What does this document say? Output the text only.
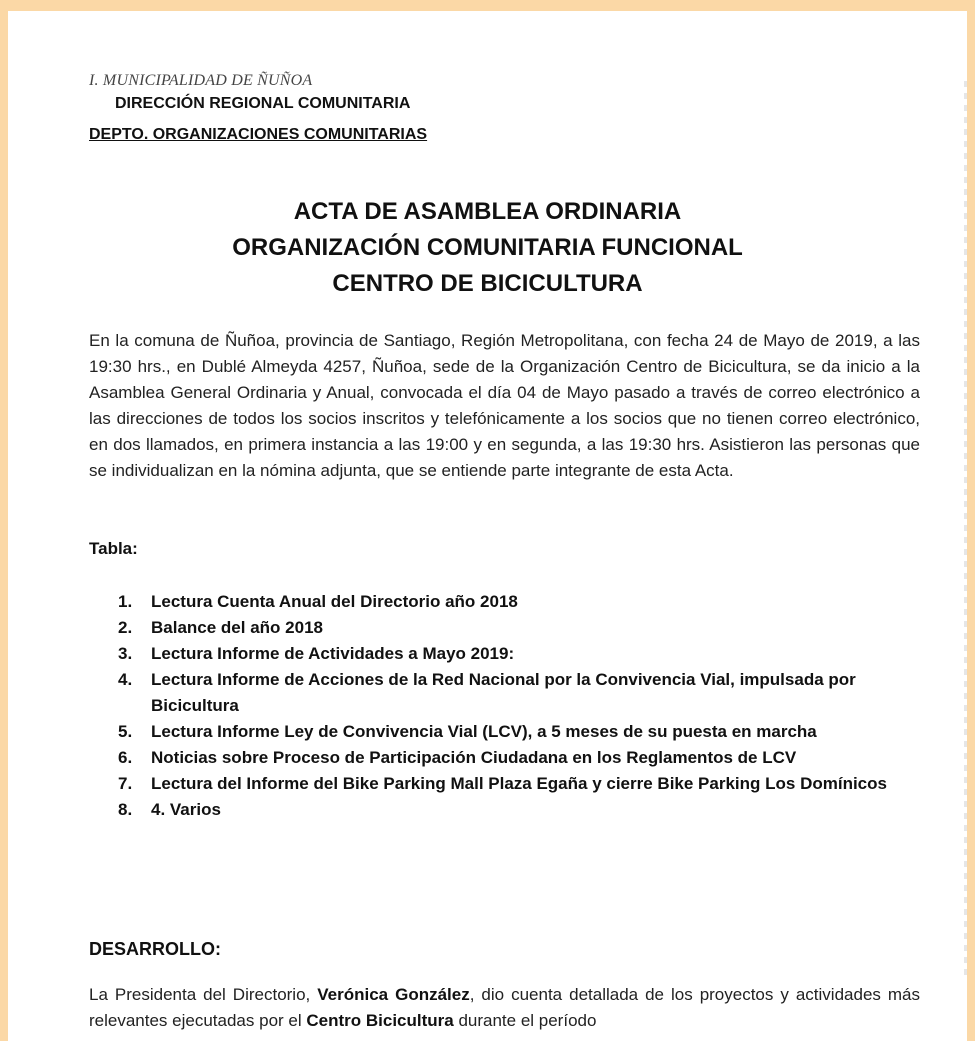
I. MUNICIPALIDAD DE ÑUÑOA
DIRECCIÓN REGIONAL COMUNITARIA
DEPTO. ORGANIZACIONES COMUNITARIAS
ACTA DE ASAMBLEA ORDINARIA
ORGANIZACIÓN COMUNITARIA FUNCIONAL
CENTRO DE BICICULTURA

En la comuna de Ñuñoa, provincia de Santiago, Región Metropolitana, con fecha 24 de Mayo de 2019, a las 19:30 hrs., en Dublé Almeyda 4257, Ñuñoa, sede de la Organización Centro de Bicicultura, se da inicio a la Asamblea General Ordinaria y Anual, convocada el día 04 de Mayo pasado a través de correo electrónico a las direcciones de todos los socios inscritos y telefónicamente a los socios que no tienen correo electrónico, en dos llamados, en primera instancia a las 19:00 y en segunda, a las 19:30 hrs. Asistieron las personas que se individualizan en la nómina adjunta, que se entiende parte integrante de esta Acta.

Tabla:
1. Lectura Cuenta Anual del Directorio año 2018
2. Balance del año 2018
3. Lectura Informe de Actividades a Mayo 2019:
4. Lectura Informe de Acciones de la Red Nacional por la Convivencia Vial, impulsada por Bicicultura
5. Lectura Informe Ley de Convivencia Vial (LCV), a 5 meses de su puesta en marcha
6. Noticias sobre Proceso de Participación Ciudadana en los Reglamentos de LCV
7. Lectura del Informe del Bike Parking Mall Plaza Egaña y cierre Bike Parking Los Domínicos
8. 4. Varios
DESARROLLO:

La Presidenta del Directorio, Verónica González, dio cuenta detallada de los proyectos y actividades más relevantes ejecutadas por el Centro Bicicultura durante el período
